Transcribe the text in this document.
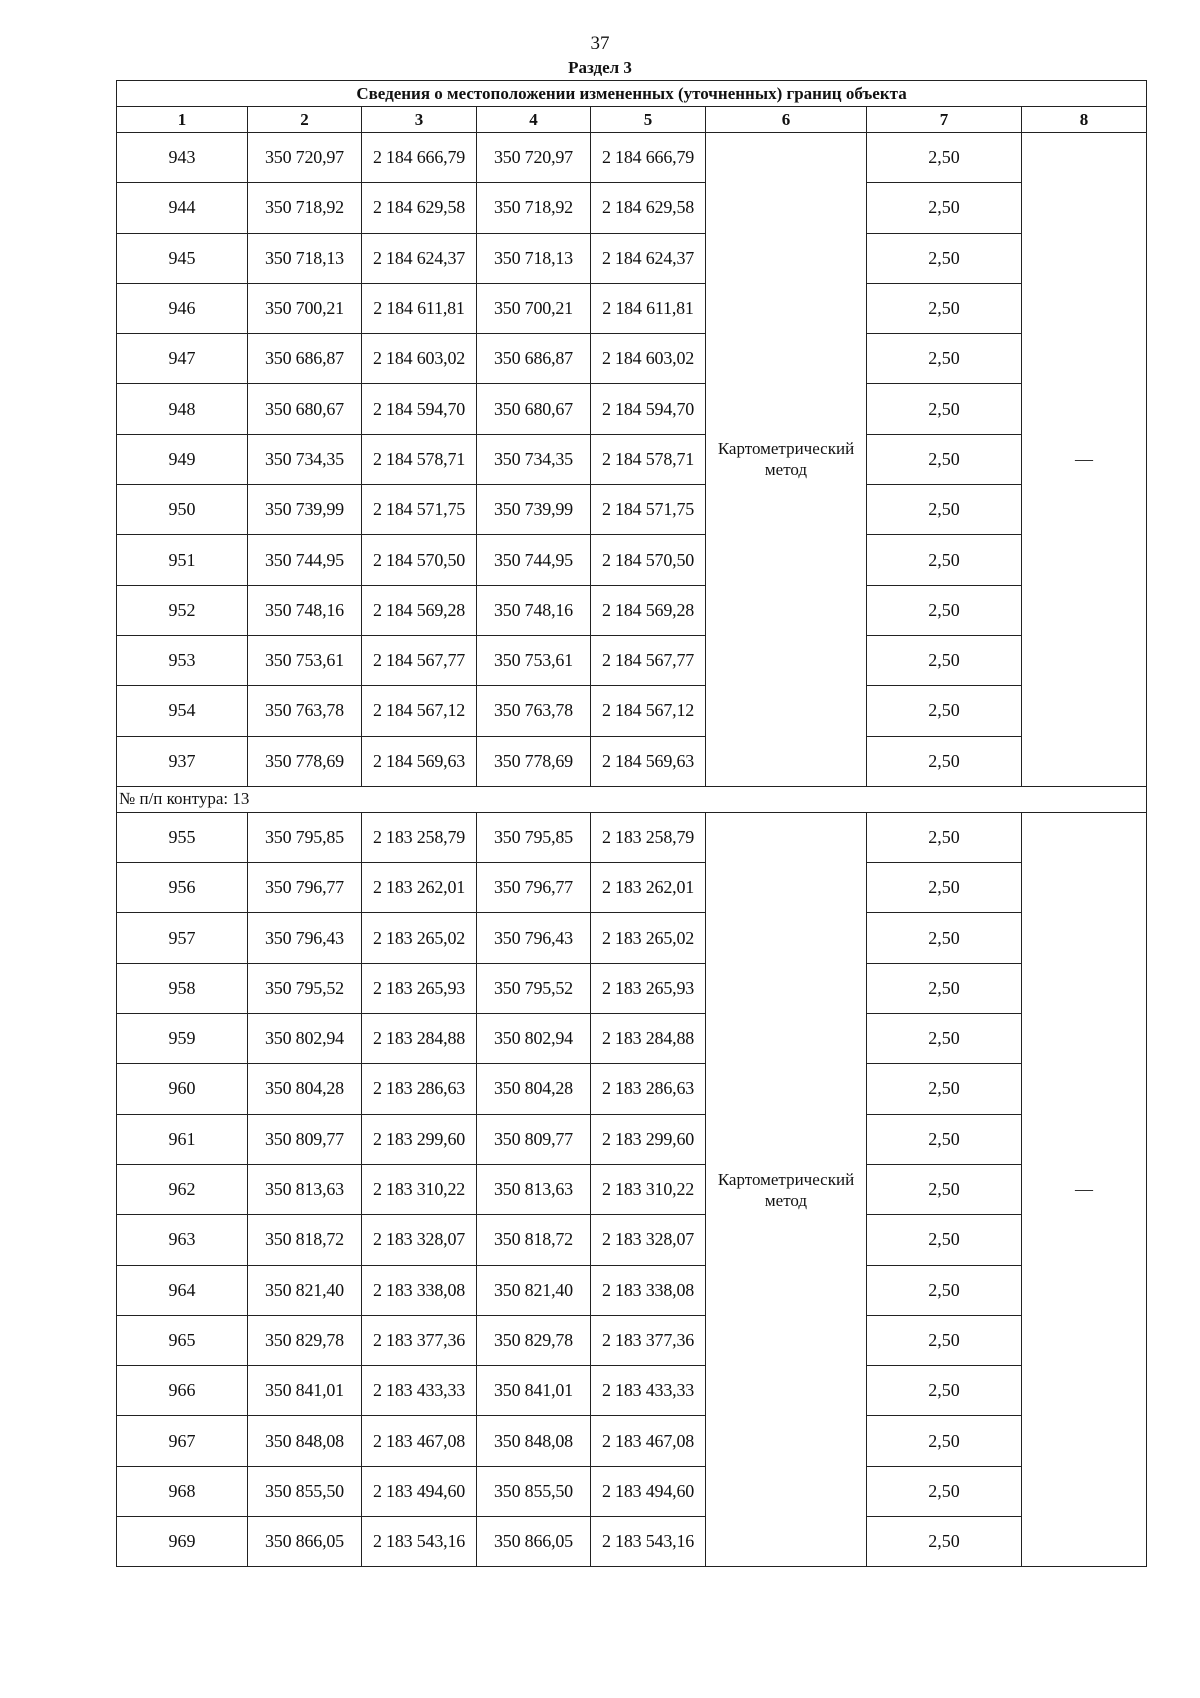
37
Раздел 3
Сведения о местоположении измененных (уточненных) границ объекта							
1	2	3	4	5	6	7	8
943	350 720,97	2 184 666,79	350 720,97	2 184 666,79	Картометрический метод	2,50	—
944	350 718,92	2 184 629,58	350 718,92	2 184 629,58		2,50	
945	350 718,13	2 184 624,37	350 718,13	2 184 624,37		2,50	
946	350 700,21	2 184 611,81	350 700,21	2 184 611,81		2,50	
947	350 686,87	2 184 603,02	350 686,87	2 184 603,02		2,50	
948	350 680,67	2 184 594,70	350 680,67	2 184 594,70		2,50	
949	350 734,35	2 184 578,71	350 734,35	2 184 578,71		2,50	
950	350 739,99	2 184 571,75	350 739,99	2 184 571,75		2,50	
951	350 744,95	2 184 570,50	350 744,95	2 184 570,50		2,50	
952	350 748,16	2 184 569,28	350 748,16	2 184 569,28		2,50	
953	350 753,61	2 184 567,77	350 753,61	2 184 567,77		2,50	
954	350 763,78	2 184 567,12	350 763,78	2 184 567,12		2,50	
937	350 778,69	2 184 569,63	350 778,69	2 184 569,63		2,50	
№ п/п контура: 13							
955	350 795,85	2 183 258,79	350 795,85	2 183 258,79	Картометрический метод	2,50	—
956	350 796,77	2 183 262,01	350 796,77	2 183 262,01		2,50	
957	350 796,43	2 183 265,02	350 796,43	2 183 265,02		2,50	
958	350 795,52	2 183 265,93	350 795,52	2 183 265,93		2,50	
959	350 802,94	2 183 284,88	350 802,94	2 183 284,88		2,50	
960	350 804,28	2 183 286,63	350 804,28	2 183 286,63		2,50	
961	350 809,77	2 183 299,60	350 809,77	2 183 299,60		2,50	
962	350 813,63	2 183 310,22	350 813,63	2 183 310,22		2,50	
963	350 818,72	2 183 328,07	350 818,72	2 183 328,07		2,50	
964	350 821,40	2 183 338,08	350 821,40	2 183 338,08		2,50	
965	350 829,78	2 183 377,36	350 829,78	2 183 377,36		2,50	
966	350 841,01	2 183 433,33	350 841,01	2 183 433,33		2,50	
967	350 848,08	2 183 467,08	350 848,08	2 183 467,08		2,50	
968	350 855,50	2 183 494,60	350 855,50	2 183 494,60		2,50	
969	350 866,05	2 183 543,16	350 866,05	2 183 543,16		2,50	
